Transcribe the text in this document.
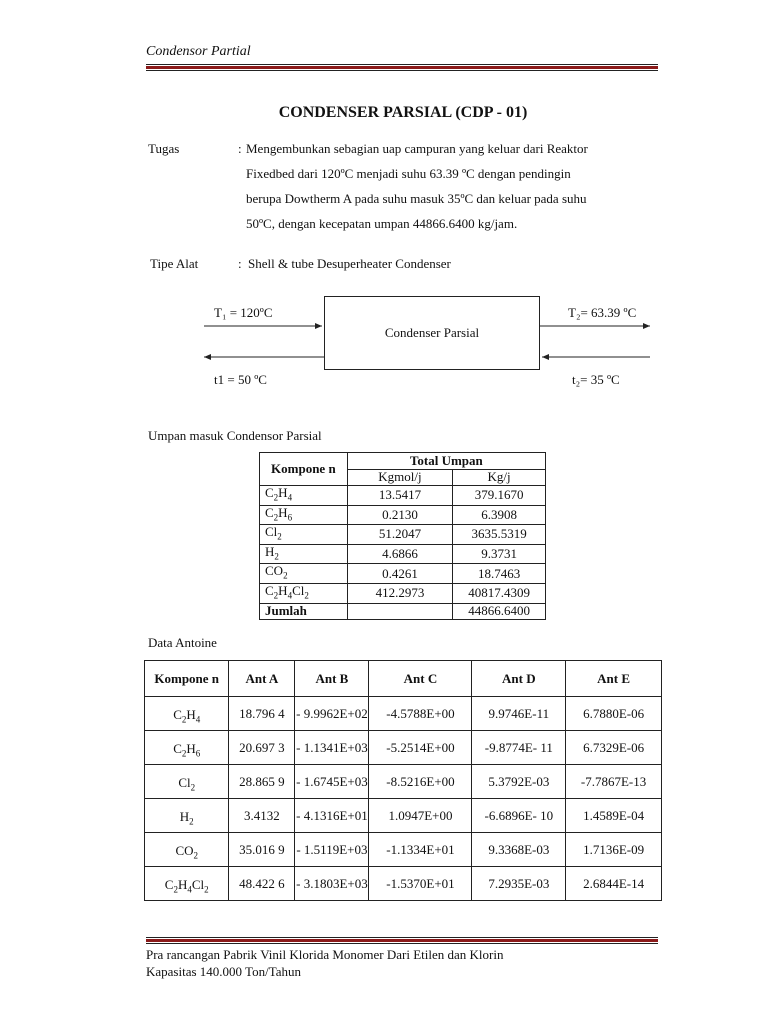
Condensor Partial
CONDENSER PARSIAL (CDP - 01)
Tugas	: Mengembunkan sebagian uap campuran yang keluar dari Reaktor
Fixedbed dari 120ºC menjadi suhu 63.39 ºC dengan pendingin
berupa Dowtherm A pada suhu masuk 35ºC dan keluar pada suhu
50ºC, dengan kecepatan umpan 44866.6400 kg/jam.
Tipe Alat	: Shell & tube Desuperheater Condenser
Condenser Parsial
T₁ = 120ºC	T₂= 63.39 ºC
t1 = 50 ºC	t₂= 35 ºC
Umpan masuk Condensor Parsial
Kompone n	Total Umpan	
	Kgmol/j	Kg/j
$C_2H_4$	13.5417	379.1670
$C_2H_6$	0.2130	6.3908
$Cl_2$	51.2047	3635.5319
$H_2$	4.6866	9.3731
$CO_2$	0.4261	18.7463
$C_2H_4Cl_2$	412.2973	40817.4309
Jumlah		44866.6400
Data Antoine
Kompone n	Ant A	Ant B	Ant C	Ant D	Ant E
$C_2H_4$	18.796 4	- 9.9962E+02	-4.5788E+00	9.9746E-11	6.7880E-06
$C_2H_6$	20.697 3	- 1.1341E+03	-5.2514E+00	-9.8774E- 11	6.7329E-06
$Cl_2$	28.865 9	- 1.6745E+03	-8.5216E+00	5.3792E-03	-7.7867E-13
$H_2$	3.4132	- 4.1316E+01	1.0947E+00	-6.6896E- 10	1.4589E-04
$CO_2$	35.016 9	- 1.5119E+03	-1.1334E+01	9.3368E-03	1.7136E-09
$C_2H_4Cl_2$	48.422 6	- 3.1803E+03	-1.5370E+01	7.2935E-03	2.6844E-14
Pra rancangan Pabrik Vinil Klorida Monomer Dari Etilen dan Klorin
Kapasitas 140.000 Ton/Tahun
